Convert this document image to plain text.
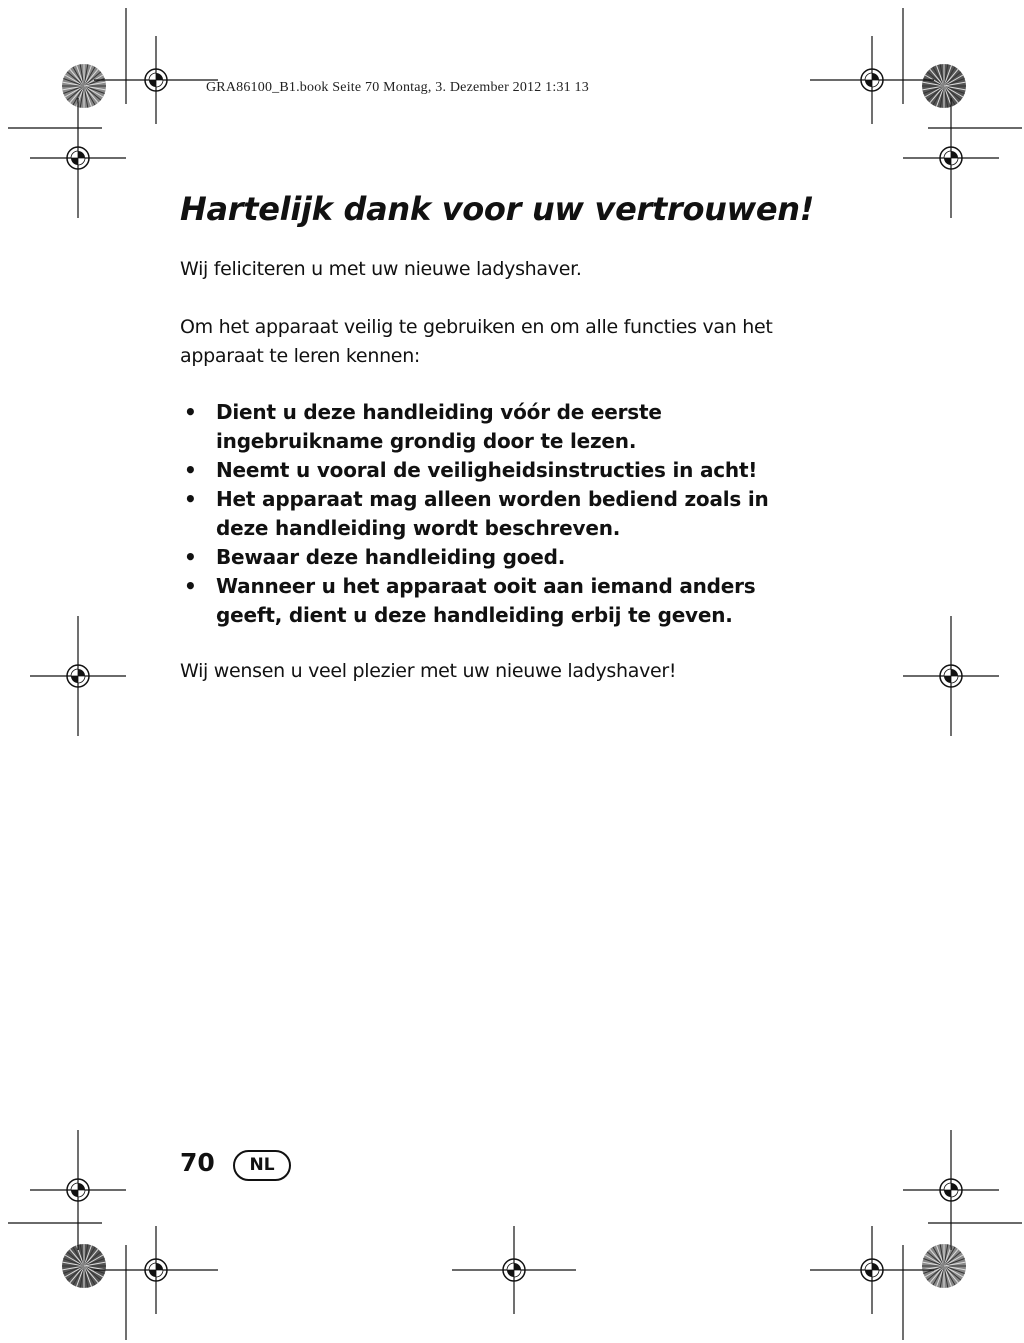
GRA86100_B1.book Seite 70 Montag, 3. Dezember 2012 1:31 13
Hartelijk dank voor uw vertrouwen!

Wij feliciteren u met uw nieuwe ladyshaver.

Om het apparaat veilig te gebruiken en om alle functies van het apparaat te leren kennen:

• Dient u deze handleiding vóór de eerste ingebruikname grondig door te lezen.
• Neemt u vooral de veiligheidsinstructies in acht!
• Het apparaat mag alleen worden bediend zoals in deze handleiding wordt beschreven.
• Bewaar deze handleiding goed.
• Wanneer u het apparaat ooit aan iemand anders geeft, dient u deze handleiding erbij te geven.

Wij wensen u veel plezier met uw nieuwe ladyshaver!

70	NL
